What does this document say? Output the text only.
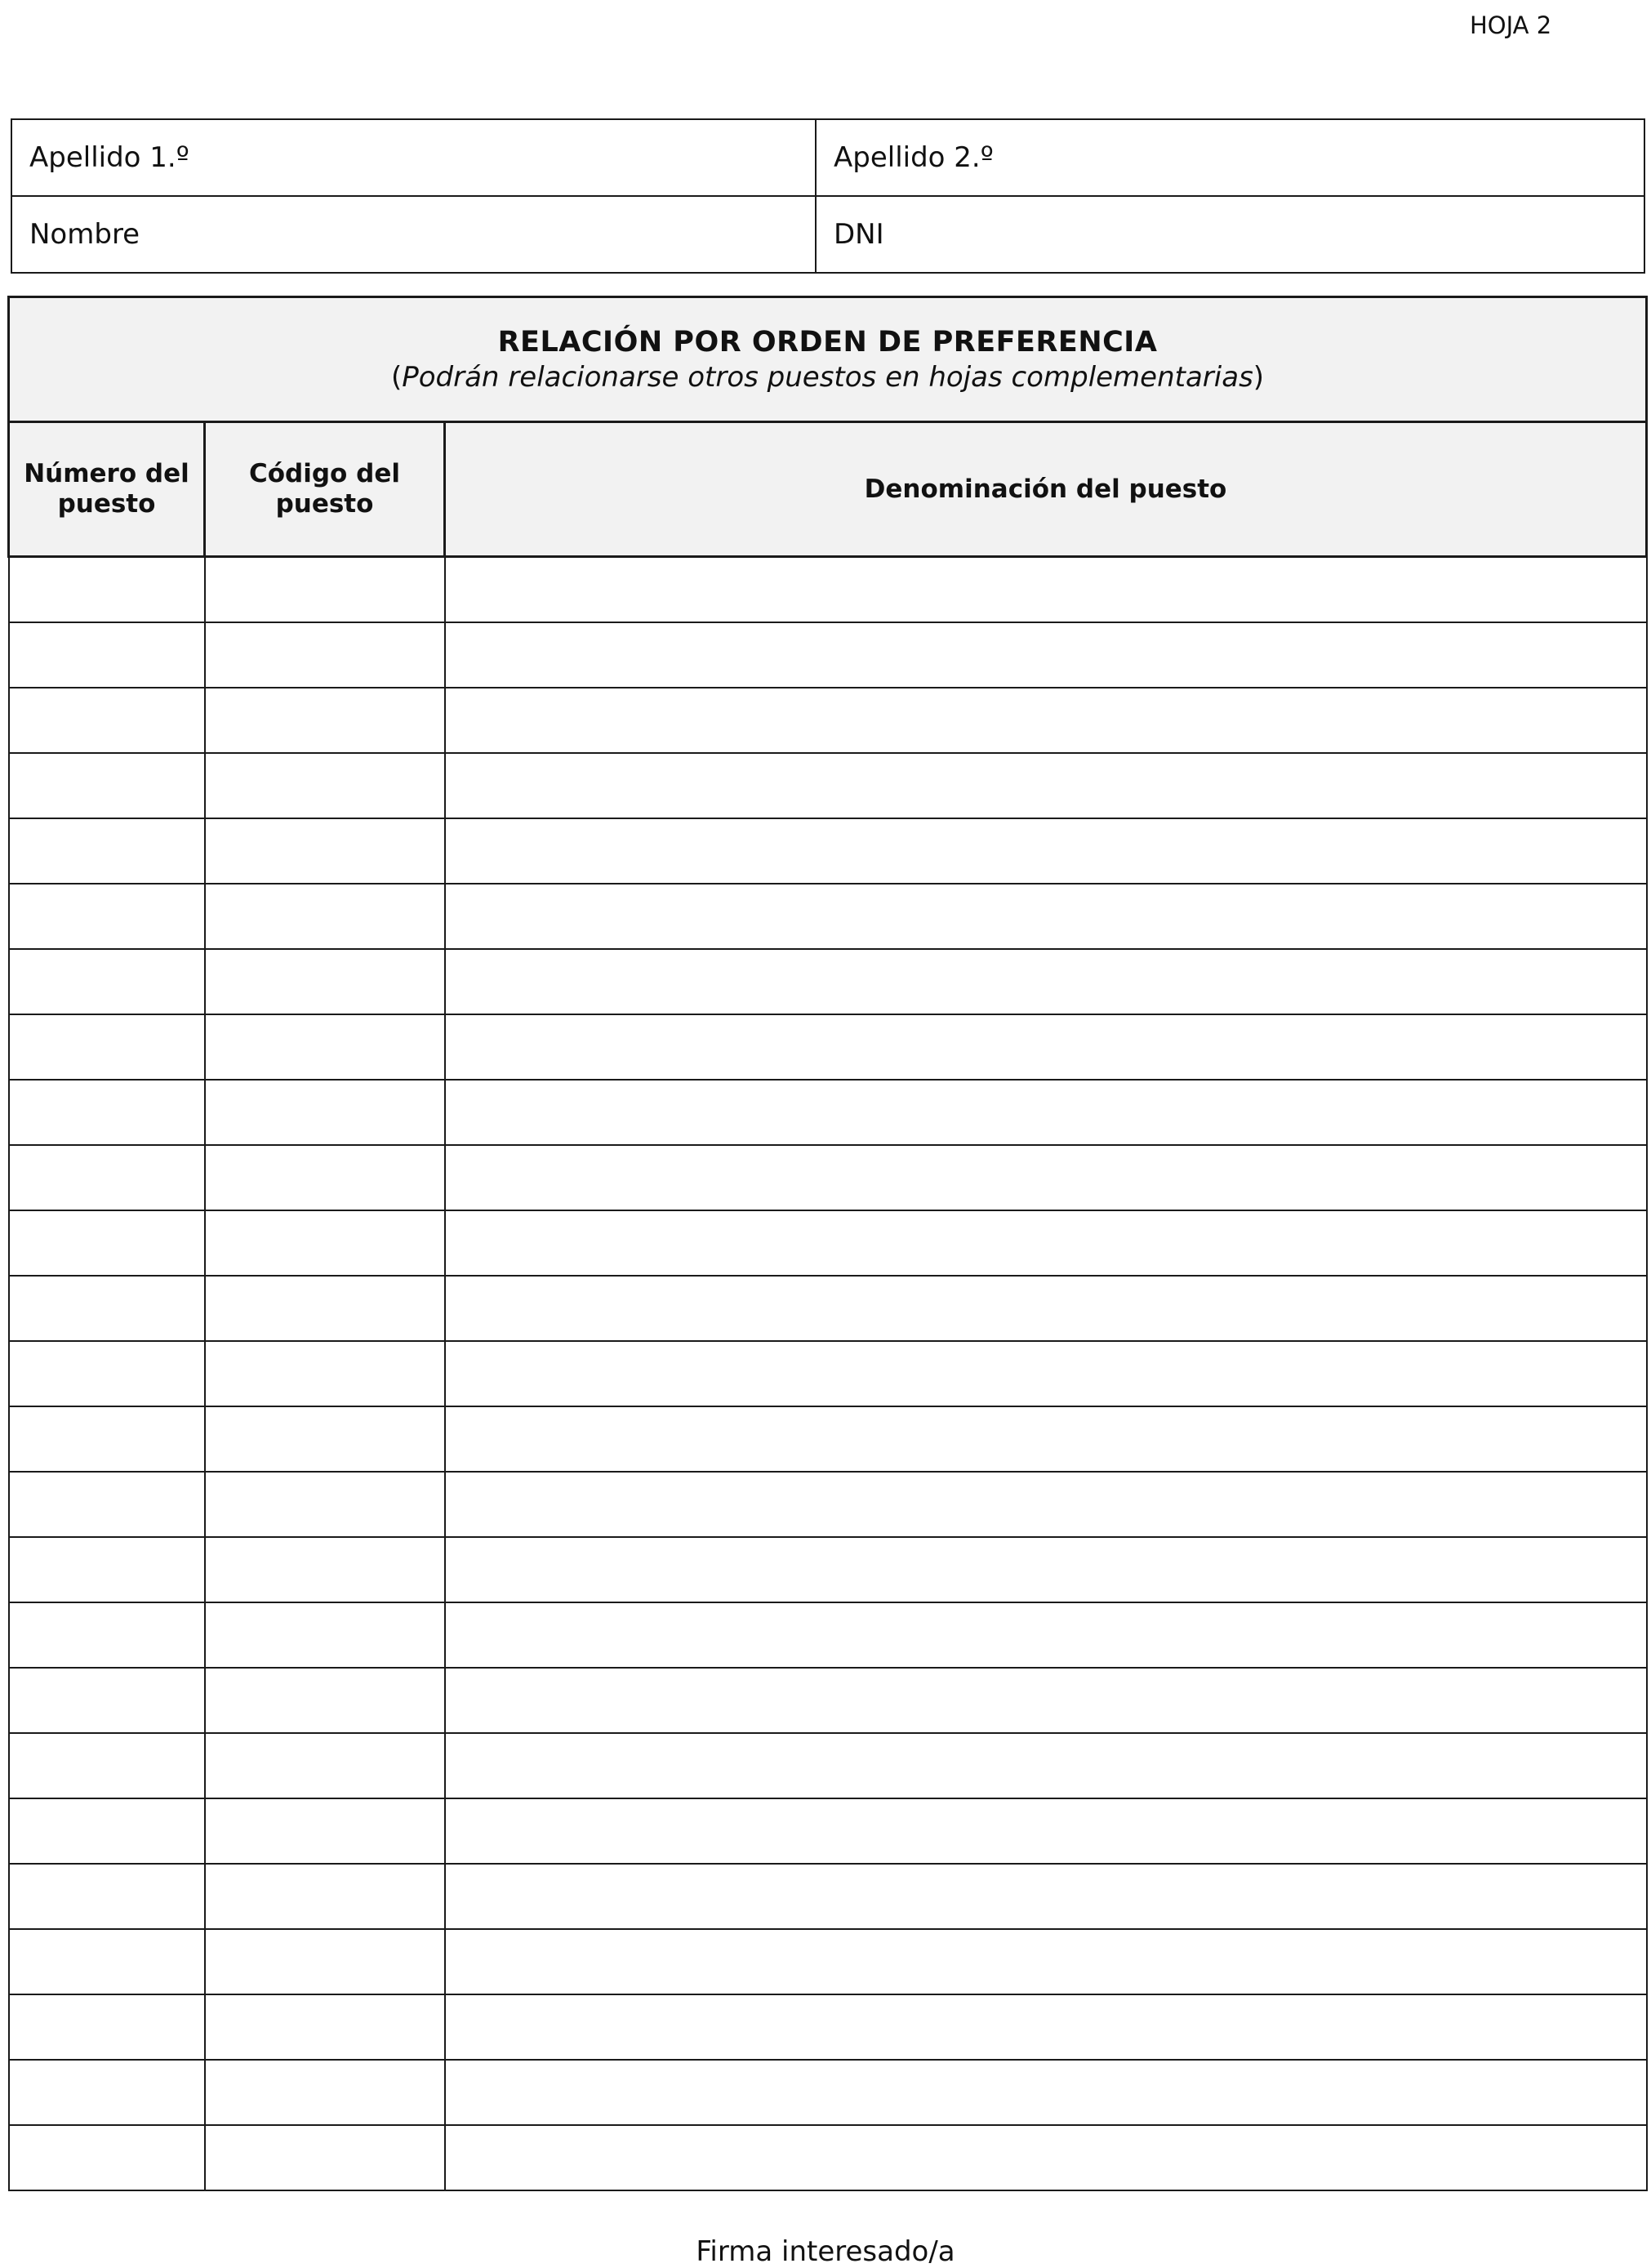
HOJA 2
Apellido 1.º	Apellido 2.º
Nombre	DNI
RELACIÓN POR ORDEN DE PREFERENCIA
(Podrán relacionarse otros puestos en hojas complementarias)		

Número del puesto	Código del puesto	Denominación del puesto

Firma interesado/a
